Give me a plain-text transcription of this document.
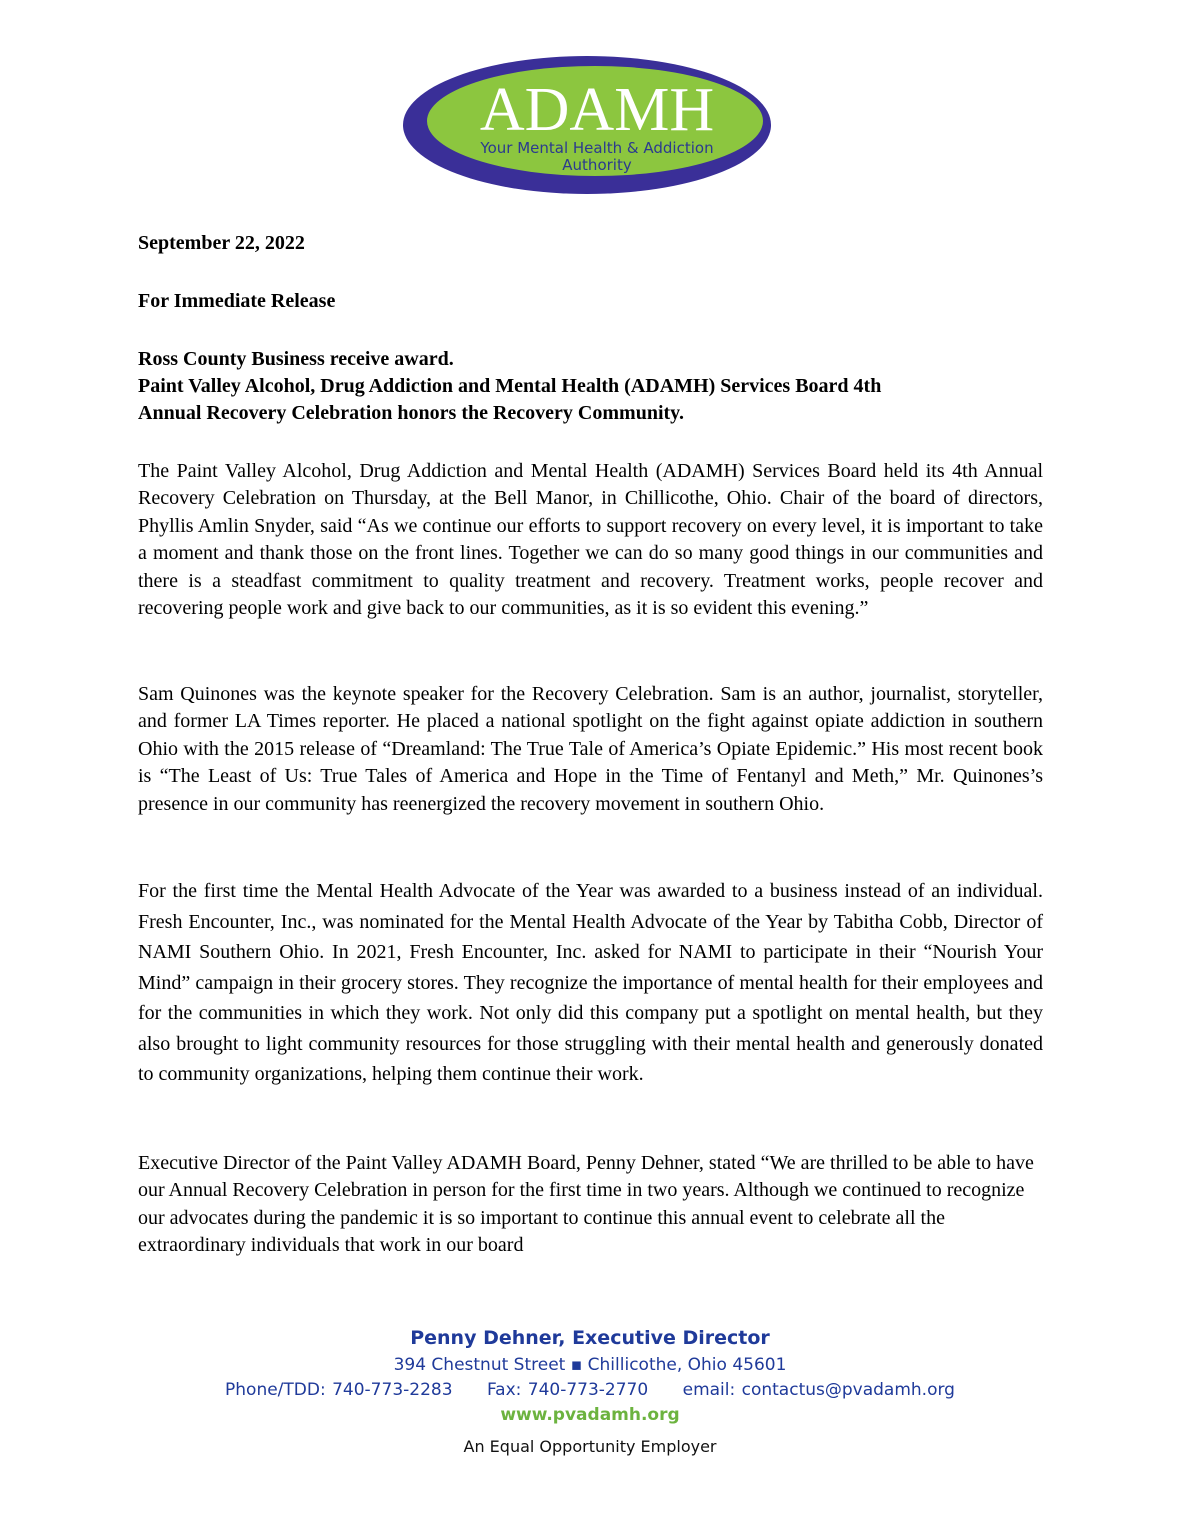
ADAMH
Your Mental Health & Addiction
Authority
September 22, 2022
For Immediate Release
Ross County Business receive award.
Paint Valley Alcohol, Drug Addiction and Mental Health (ADAMH) Services Board 4th
Annual Recovery Celebration honors the Recovery Community.
The Paint Valley Alcohol, Drug Addiction and Mental Health (ADAMH) Services Board held its 4th Annual Recovery Celebration on Thursday, at the Bell Manor, in Chillicothe, Ohio. Chair of the board of directors, Phyllis Amlin Snyder, said “As we continue our efforts to support recovery on every level, it is important to take a moment and thank those on the front lines. Together we can do so many good things in our communities and there is a steadfast commitment to quality treatment and recovery. Treatment works, people recover and recovering people work and give back to our communities, as it is so evident this evening.”
Sam Quinones was the keynote speaker for the Recovery Celebration. Sam is an author, journalist, storyteller, and former LA Times reporter. He placed a national spotlight on the fight against opiate addiction in southern Ohio with the 2015 release of “Dreamland: The True Tale of America’s Opiate Epidemic.” His most recent book is “The Least of Us: True Tales of America and Hope in the Time of Fentanyl and Meth,” Mr. Quinones’s presence in our community has reenergized the recovery movement in southern Ohio.
For the first time the Mental Health Advocate of the Year was awarded to a business instead of an individual. Fresh Encounter, Inc., was nominated for the Mental Health Advocate of the Year by Tabitha Cobb, Director of NAMI Southern Ohio. In 2021, Fresh Encounter, Inc. asked for NAMI to participate in their “Nourish Your Mind” campaign in their grocery stores. They recognize the importance of mental health for their employees and for the communities in which they work. Not only did this company put a spotlight on mental health, but they also brought to light community resources for those struggling with their mental health and generously donated to community organizations, helping them continue their work.
Executive Director of the Paint Valley ADAMH Board, Penny Dehner, stated “We are thrilled to be able to have our Annual Recovery Celebration in person for the first time in two years. Although we continued to recognize our advocates during the pandemic it is so important to continue this annual event to celebrate all the extraordinary individuals that work in our board
Penny Dehner, Executive Director
394 Chestnut Street ▪ Chillicothe, Ohio 45601
Phone/TDD: 740-773-2283 Fax: 740-773-2770 email: contactus@pvadamh.org
www.pvadamh.org
An Equal Opportunity Employer
